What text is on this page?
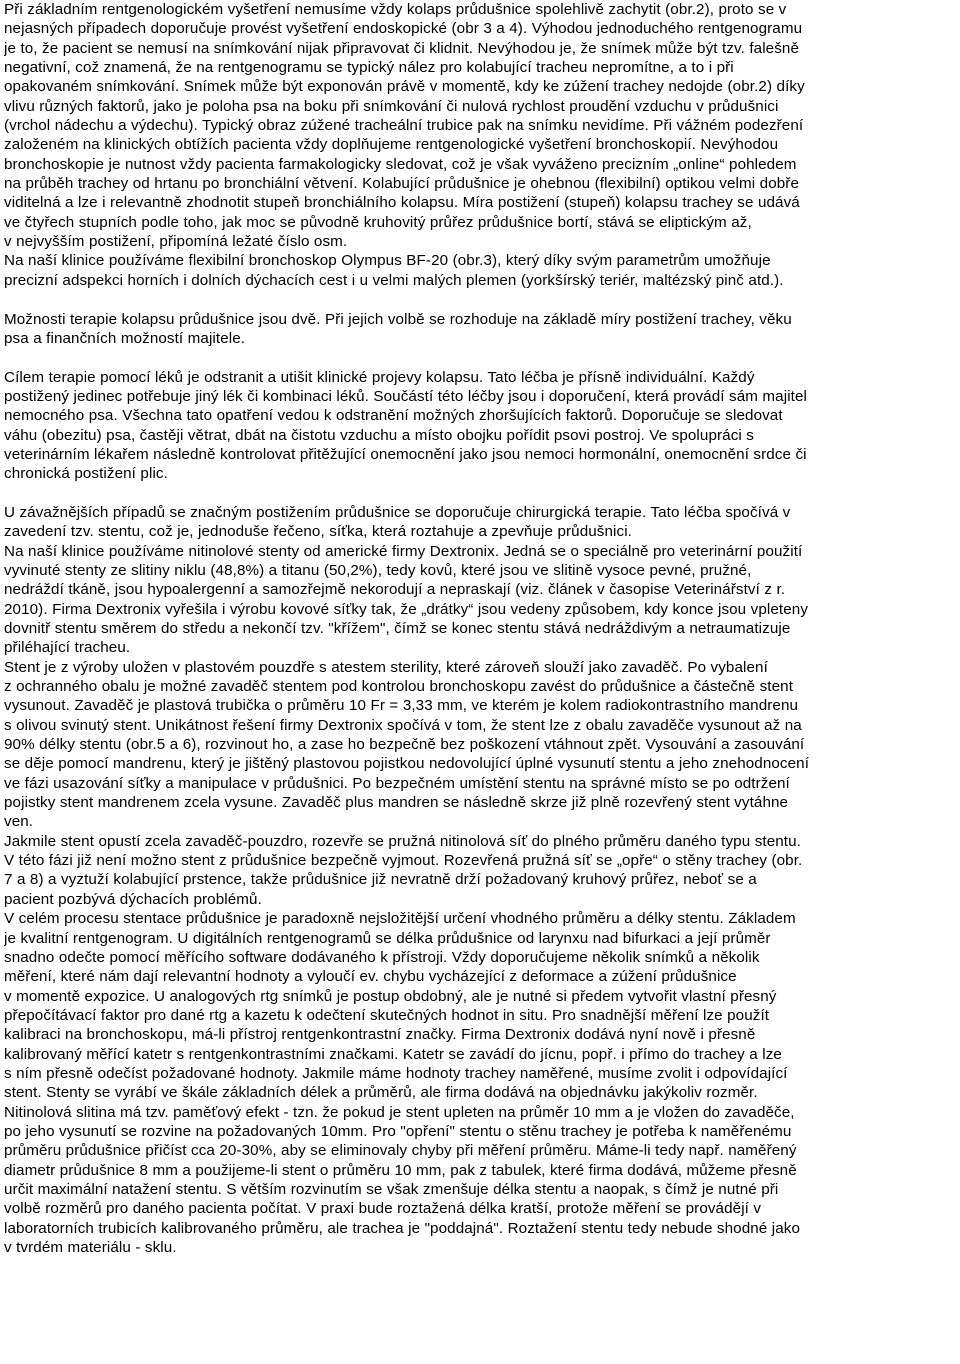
Při základním rentgenologickém vyšetření nemusíme vždy kolaps průdušnice spolehlivě zachytit (obr.2), proto se v
nejasných případech doporučuje provést vyšetření endoskopické (obr 3 a 4). Výhodou jednoduchého rentgenogramu
je to, že pacient se nemusí na snímkování nijak připravovat či klidnit. Nevýhodou je, že snímek může být tzv. falešně
negativní, což znamená, že na rentgenogramu se typický nález pro kolabující tracheu nepromítne, a to i při
opakovaném snímkování. Snímek může být exponován právě v momentě, kdy ke zúžení trachey nedojde (obr.2) díky
vlivu různých faktorů, jako je poloha psa na boku při snímkování či nulová rychlost proudění vzduchu v průdušnici
(vrchol nádechu a výdechu). Typický obraz zúžené tracheální trubice pak na snímku nevidíme. Při vážném podezření
založeném na klinických obtížích pacienta vždy doplňujeme rentgenologické vyšetření bronchoskopií. Nevýhodou
bronchoskopie je nutnost vždy pacienta farmakologicky sledovat, což je však vyváženo precizním „online“ pohledem
na průběh trachey od hrtanu po bronchiální větvení. Kolabující průdušnice je ohebnou (flexibilní) optikou velmi dobře
viditelná a lze i relevantně zhodnotit stupeň bronchiálního kolapsu. Míra postižení (stupeň) kolapsu trachey se udává
ve čtyřech stupních podle toho, jak moc se původně kruhovitý průřez průdušnice bortí, stává se eliptickým až,
v nejvyšším postižení, připomíná ležaté číslo osm.
Na naší klinice používáme flexibilní bronchoskop Olympus BF-20 (obr.3), který díky svým parametrům umožňuje
precizní adspekci horních i dolních dýchacích cest i u velmi malých plemen (yorkšírský teriér, maltézský pinč atd.).
Možnosti terapie kolapsu průdušnice jsou dvě. Při jejich volbě se rozhoduje na základě míry postižení trachey, věku
psa a finančních možností majitele.
Cílem terapie pomocí léků je odstranit a utišit klinické projevy kolapsu. Tato léčba je přísně individuální. Každý
postižený jedinec potřebuje jiný lék či kombinaci léků. Součástí této léčby jsou i doporučení, která provádí sám majitel
nemocného psa. Všechna tato opatření vedou k odstranění možných zhoršujících faktorů. Doporučuje se sledovat
váhu (obezitu) psa, častěji větrat, dbát na čistotu vzduchu a místo obojku pořídit psovi postroj. Ve spolupráci s
veterinárním lékařem následně kontrolovat přitěžující onemocnění jako jsou nemoci hormonální, onemocnění srdce či
chronická postižení plic.
U závažnějších případů se značným postižením průdušnice se doporučuje chirurgická terapie. Tato léčba spočívá v
zavedení tzv. stentu, což je, jednoduše řečeno, síťka, která roztahuje a zpevňuje průdušnici.
Na naší klinice používáme nitinolové stenty od americké firmy Dextronix. Jedná se o speciálně pro veterinární použití
vyvinuté stenty ze slitiny niklu (48,8%) a titanu (50,2%), tedy kovů, které jsou ve slitině vysoce pevné, pružné,
nedráždí tkáně, jsou hypoalergenní a samozřejmě nekorodují a nepraskají (viz. článek v časopise Veterinářství z r.
2010). Firma Dextronix vyřešila i výrobu kovové síťky tak, že „drátky“ jsou vedeny způsobem, kdy konce jsou vpleteny
dovnitř stentu směrem do středu a nekončí tzv. "křížem", čímž se konec stentu stává nedráždivým a netraumatizuje
přiléhající tracheu.
Stent je z výroby uložen v plastovém pouzdře s atestem sterility, které zároveň slouží jako zavaděč. Po vybalení
z ochranného obalu je možné zavaděč stentem pod kontrolou bronchoskopu zavést do průdušnice a částečně stent
vysunout. Zavaděč je plastová trubička o průměru 10 Fr = 3,33 mm, ve kterém je kolem radiokontrastního mandrenu
s olivou svinutý stent. Unikátnost řešení firmy Dextronix spočívá v tom, že stent lze z obalu zavaděče vysunout až na
90% délky stentu (obr.5 a 6), rozvinout ho, a zase ho bezpečně bez poškození vtáhnout zpět. Vysouvání a zasouvání
se děje pomocí mandrenu, který je jištěný plastovou pojistkou nedovolující úplné vysunutí stentu a jeho znehodnocení
ve fázi usazování síťky a manipulace v průdušnici. Po bezpečném umístění stentu na správné místo se po odtržení
pojistky stent mandrenem zcela vysune. Zavaděč plus mandren se následně skrze již plně rozevřený stent vytáhne
ven.
Jakmile stent opustí zcela zavaděč-pouzdro, rozevře se pružná nitinolová síť do plného průměru daného typu stentu.
V této fázi již není možno stent z průdušnice bezpečně vyjmout. Rozevřená pružná síť se „opře“ o stěny trachey (obr.
7 a 8) a vyztuží kolabující prstence, takže průdušnice již nevratně drží požadovaný kruhový průřez, neboť se a
pacient pozbývá dýchacích problémů.
V celém procesu stentace průdušnice je paradoxně nejsložitější určení vhodného průměru a délky stentu. Základem
je kvalitní rentgenogram. U digitálních rentgenogramů se délka průdušnice od larynxu nad bifurkaci a její průměr
snadno odečte pomocí měřícího software dodávaného k přístroji. Vždy doporučujeme několik snímků a několik
měření, které nám dají relevantní hodnoty a vyloučí ev. chybu vycházející z deformace a zúžení průdušnice
v momentě expozice. U analogových rtg snímků je postup obdobný, ale je nutné si předem vytvořit vlastní přesný
přepočítávací faktor pro dané rtg a kazetu k odečtení skutečných hodnot in situ. Pro snadnější měření lze použít
kalibraci na bronchoskopu, má-li přístroj rentgenkontrastní značky. Firma Dextronix dodává nyní nově i přesně
kalibrovaný měřící katetr s rentgenkontrastními značkami. Katetr se zavádí do jícnu, popř. i přímo do trachey a lze
s ním přesně odečíst požadované hodnoty. Jakmile máme hodnoty trachey naměřené, musíme zvolit i odpovídající
stent. Stenty se vyrábí ve škále základních délek a průměrů, ale firma dodává na objednávku jakýkoliv rozměr.
Nitinolová slitina má tzv. paměťový efekt - tzn. že pokud je stent upleten na průměr 10 mm a je vložen do zavaděče,
po jeho vysunutí se rozvine na požadovaných 10mm. Pro "opření" stentu o stěnu trachey je potřeba k naměřenému
průměru průdušnice přičíst cca 20-30%, aby se eliminovaly chyby při měření průměru. Máme-li tedy např. naměřený
diametr průdušnice 8 mm a použijeme-li stent o průměru 10 mm, pak z tabulek, které firma dodává, můžeme přesně
určit maximální natažení stentu. S větším rozvinutím se však zmenšuje délka stentu a naopak, s čímž je nutné při
volbě rozměrů pro daného pacienta počítat. V praxi bude roztažená délka kratší, protože měření se provádějí v
laboratorních trubicích kalibrovaného průměru, ale trachea je "poddajná". Roztažení stentu tedy nebude shodné jako
v tvrdém materiálu - sklu.
